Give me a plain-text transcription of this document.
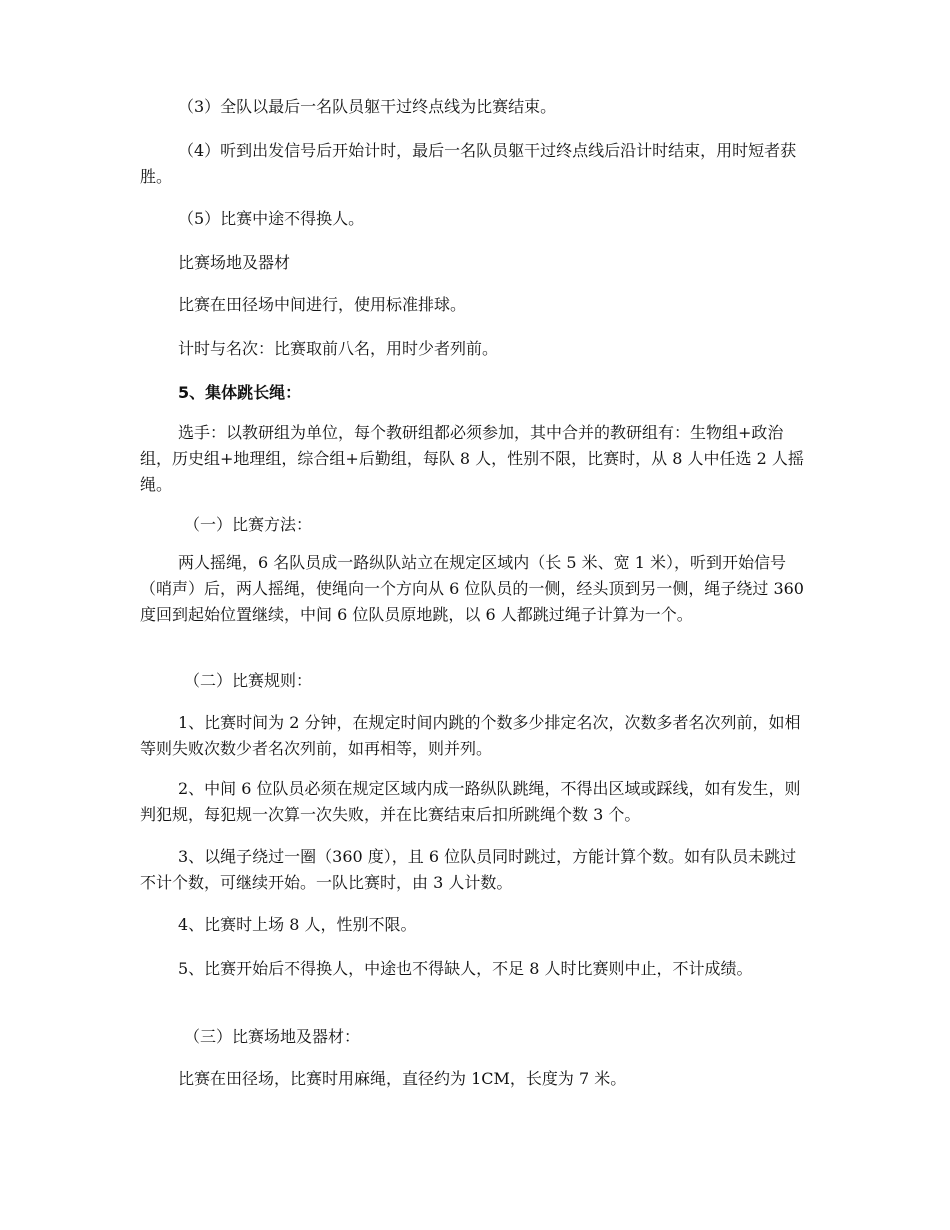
（3）全队以最后一名队员躯干过终点线为比赛结束。

（4）听到出发信号后开始计时，最后一名队员躯干过终点线后沿计时结束，用时短者获胜。

（5）比赛中途不得换人。

比赛场地及器材

比赛在田径场中间进行，使用标准排球。

计时与名次：比赛取前八名，用时少者列前。

5、集体跳长绳：

选手：以教研组为单位，每个教研组都必须参加，其中合并的教研组有：生物组+政治组，历史组+地理组，综合组+后勤组，每队 8 人，性别不限，比赛时，从 8 人中任选 2 人摇绳。

（一）比赛方法：

两人摇绳，6 名队员成一路纵队站立在规定区域内（长 5 米、宽 1 米），听到开始信号（哨声）后，两人摇绳，使绳向一个方向从 6 位队员的一侧，经头顶到另一侧，绳子绕过 360 度回到起始位置继续，中间 6 位队员原地跳，以 6 人都跳过绳子计算为一个。

（二）比赛规则：

1、比赛时间为 2 分钟，在规定时间内跳的个数多少排定名次，次数多者名次列前，如相等则失败次数少者名次列前，如再相等，则并列。

2、中间 6 位队员必须在规定区域内成一路纵队跳绳，不得出区域或踩线，如有发生，则判犯规，每犯规一次算一次失败，并在比赛结束后扣所跳绳个数 3 个。

3、以绳子绕过一圈（360 度），且 6 位队员同时跳过，方能计算个数。如有队员未跳过不计个数，可继续开始。一队比赛时，由 3 人计数。

4、比赛时上场 8 人，性别不限。

5、比赛开始后不得换人，中途也不得缺人，不足 8 人时比赛则中止，不计成绩。

（三）比赛场地及器材：

比赛在田径场，比赛时用麻绳，直径约为 1CM，长度为 7 米。
